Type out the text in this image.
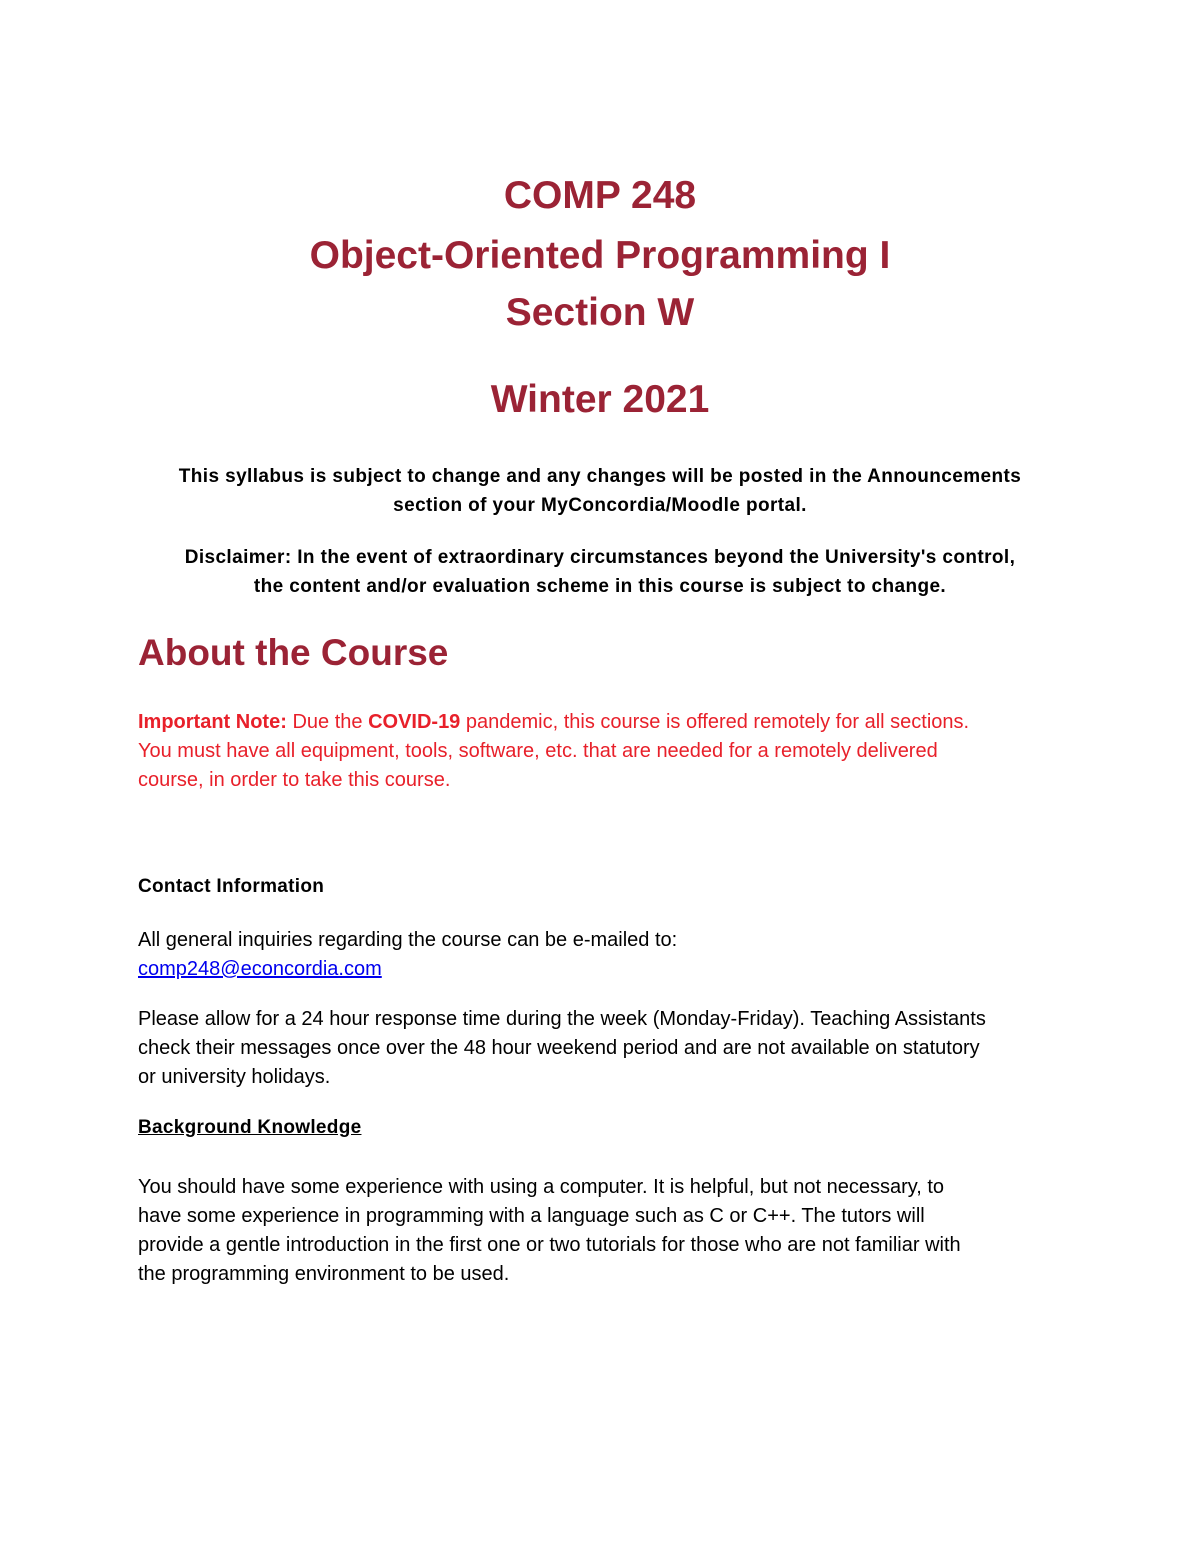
COMP 248
Object-Oriented Programming I
Section W
Winter 2021
This syllabus is subject to change and any changes will be posted in the Announcements
section of your MyConcordia/Moodle portal.
Disclaimer: In the event of extraordinary circumstances beyond the University's control,
the content and/or evaluation scheme in this course is subject to change.
About the Course
Important Note: Due the COVID-19 pandemic, this course is offered remotely for all sections.
You must have all equipment, tools, software, etc. that are needed for a remotely delivered
course, in order to take this course.
Contact Information
All general inquiries regarding the course can be e-mailed to:
comp248@econcordia.com
Please allow for a 24 hour response time during the week (Monday-Friday). Teaching Assistants
check their messages once over the 48 hour weekend period and are not available on statutory
or university holidays.
Background Knowledge
You should have some experience with using a computer. It is helpful, but not necessary, to
have some experience in programming with a language such as C or C++. The tutors will
provide a gentle introduction in the first one or two tutorials for those who are not familiar with
the programming environment to be used.
